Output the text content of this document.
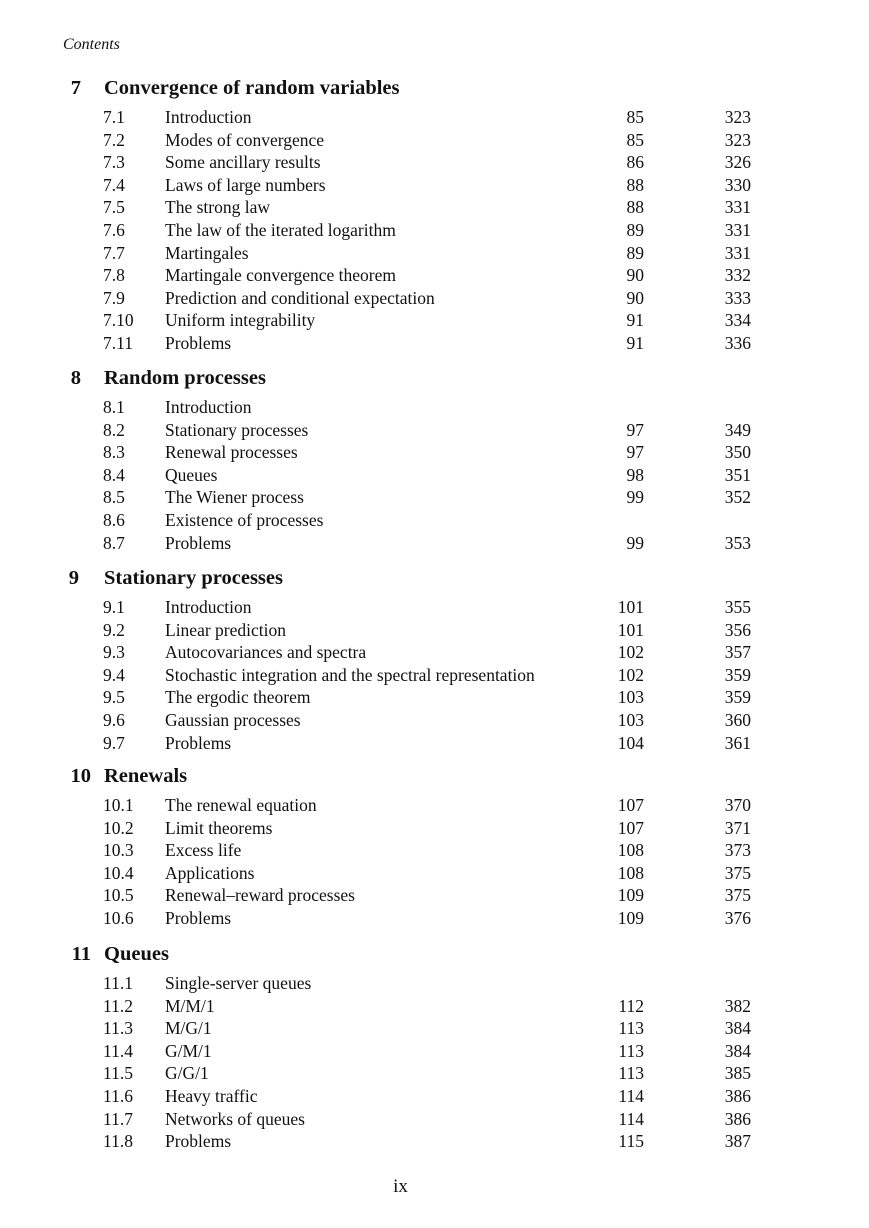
Contents
7 Convergence of random variables
7.1 Introduction	85	323
7.2 Modes of convergence	85	323
7.3 Some ancillary results	86	326
7.4 Laws of large numbers	88	330
7.5 The strong law	88	331
7.6 The law of the iterated logarithm	89	331
7.7 Martingales	89	331
7.8 Martingale convergence theorem	90	332
7.9 Prediction and conditional expectation	90	333
7.10 Uniform integrability	91	334
7.11 Problems	91	336
8 Random processes
8.1 Introduction
8.2 Stationary processes	97	349
8.3 Renewal processes	97	350
8.4 Queues	98	351
8.5 The Wiener process	99	352
8.6 Existence of processes
8.7 Problems	99	353
9 Stationary processes
9.1 Introduction	101	355
9.2 Linear prediction	101	356
9.3 Autocovariances and spectra	102	357
9.4 Stochastic integration and the spectral representation	102	359
9.5 The ergodic theorem	103	359
9.6 Gaussian processes	103	360
9.7 Problems	104	361
10 Renewals
10.1 The renewal equation	107	370
10.2 Limit theorems	107	371
10.3 Excess life	108	373
10.4 Applications	108	375
10.5 Renewal–reward processes	109	375
10.6 Problems	109	376
11 Queues
11.1 Single-server queues
11.2 M/M/1	112	382
11.3 M/G/1	113	384
11.4 G/M/1	113	384
11.5 G/G/1	113	385
11.6 Heavy traffic	114	386
11.7 Networks of queues	114	386
11.8 Problems	115	387
ix
